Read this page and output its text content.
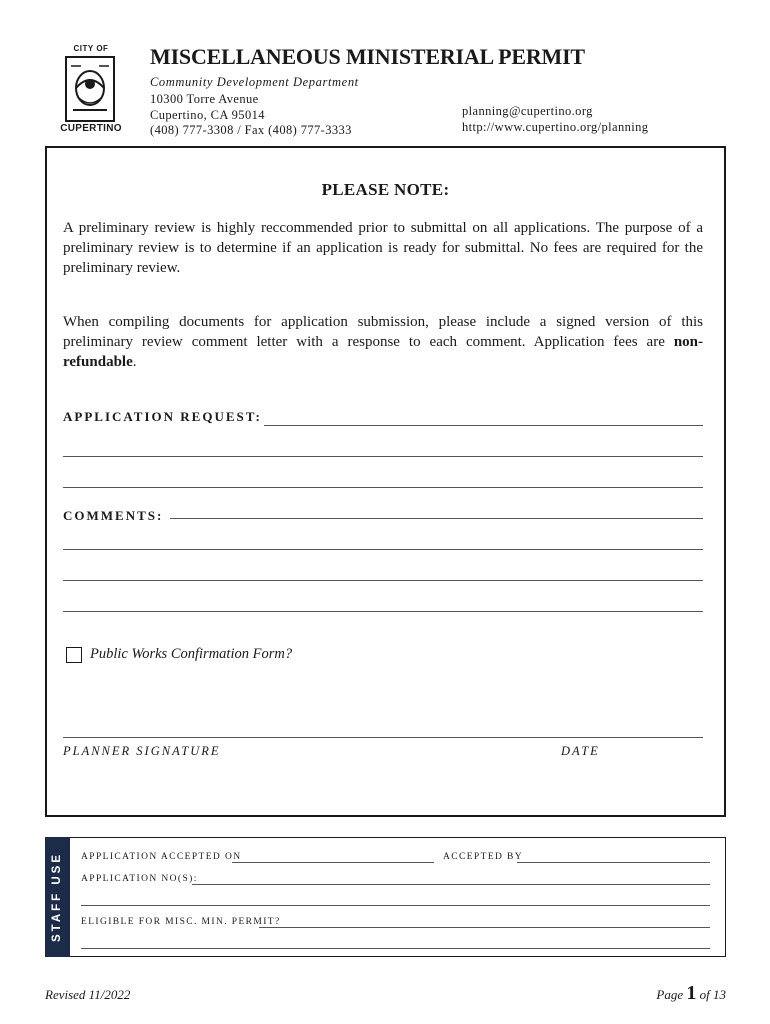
CITY OF
CUPERTINO
MISCELLANEOUS MINISTERIAL PERMIT
Community Development Department
10300 Torre Avenue
Cupertino, CA 95014
(408) 777-3308 / Fax (408) 777-3333
planning@cupertino.org
http://www.cupertino.org/planning
PLEASE NOTE:
A preliminary review is highly reccommended prior to submittal on all applications. The purpose of a preliminary review is to determine if an application is ready for submittal. No fees are required for the preliminary review.
When compiling documents for application submission, please include a signed version of this preliminary review comment letter with a response to each comment. Application fees are non-refundable.
APPLICATION REQUEST:
COMMENTS:
Public Works Confirmation Form?
PLANNER SIGNATURE	DATE
STAFF USE APPLICATION ACCEPTED ON	ACCEPTED BY
APPLICATION NO(S):
ELIGIBLE FOR MISC. MIN. PERMIT?
Revised 11/2022	Page 1 of 13
